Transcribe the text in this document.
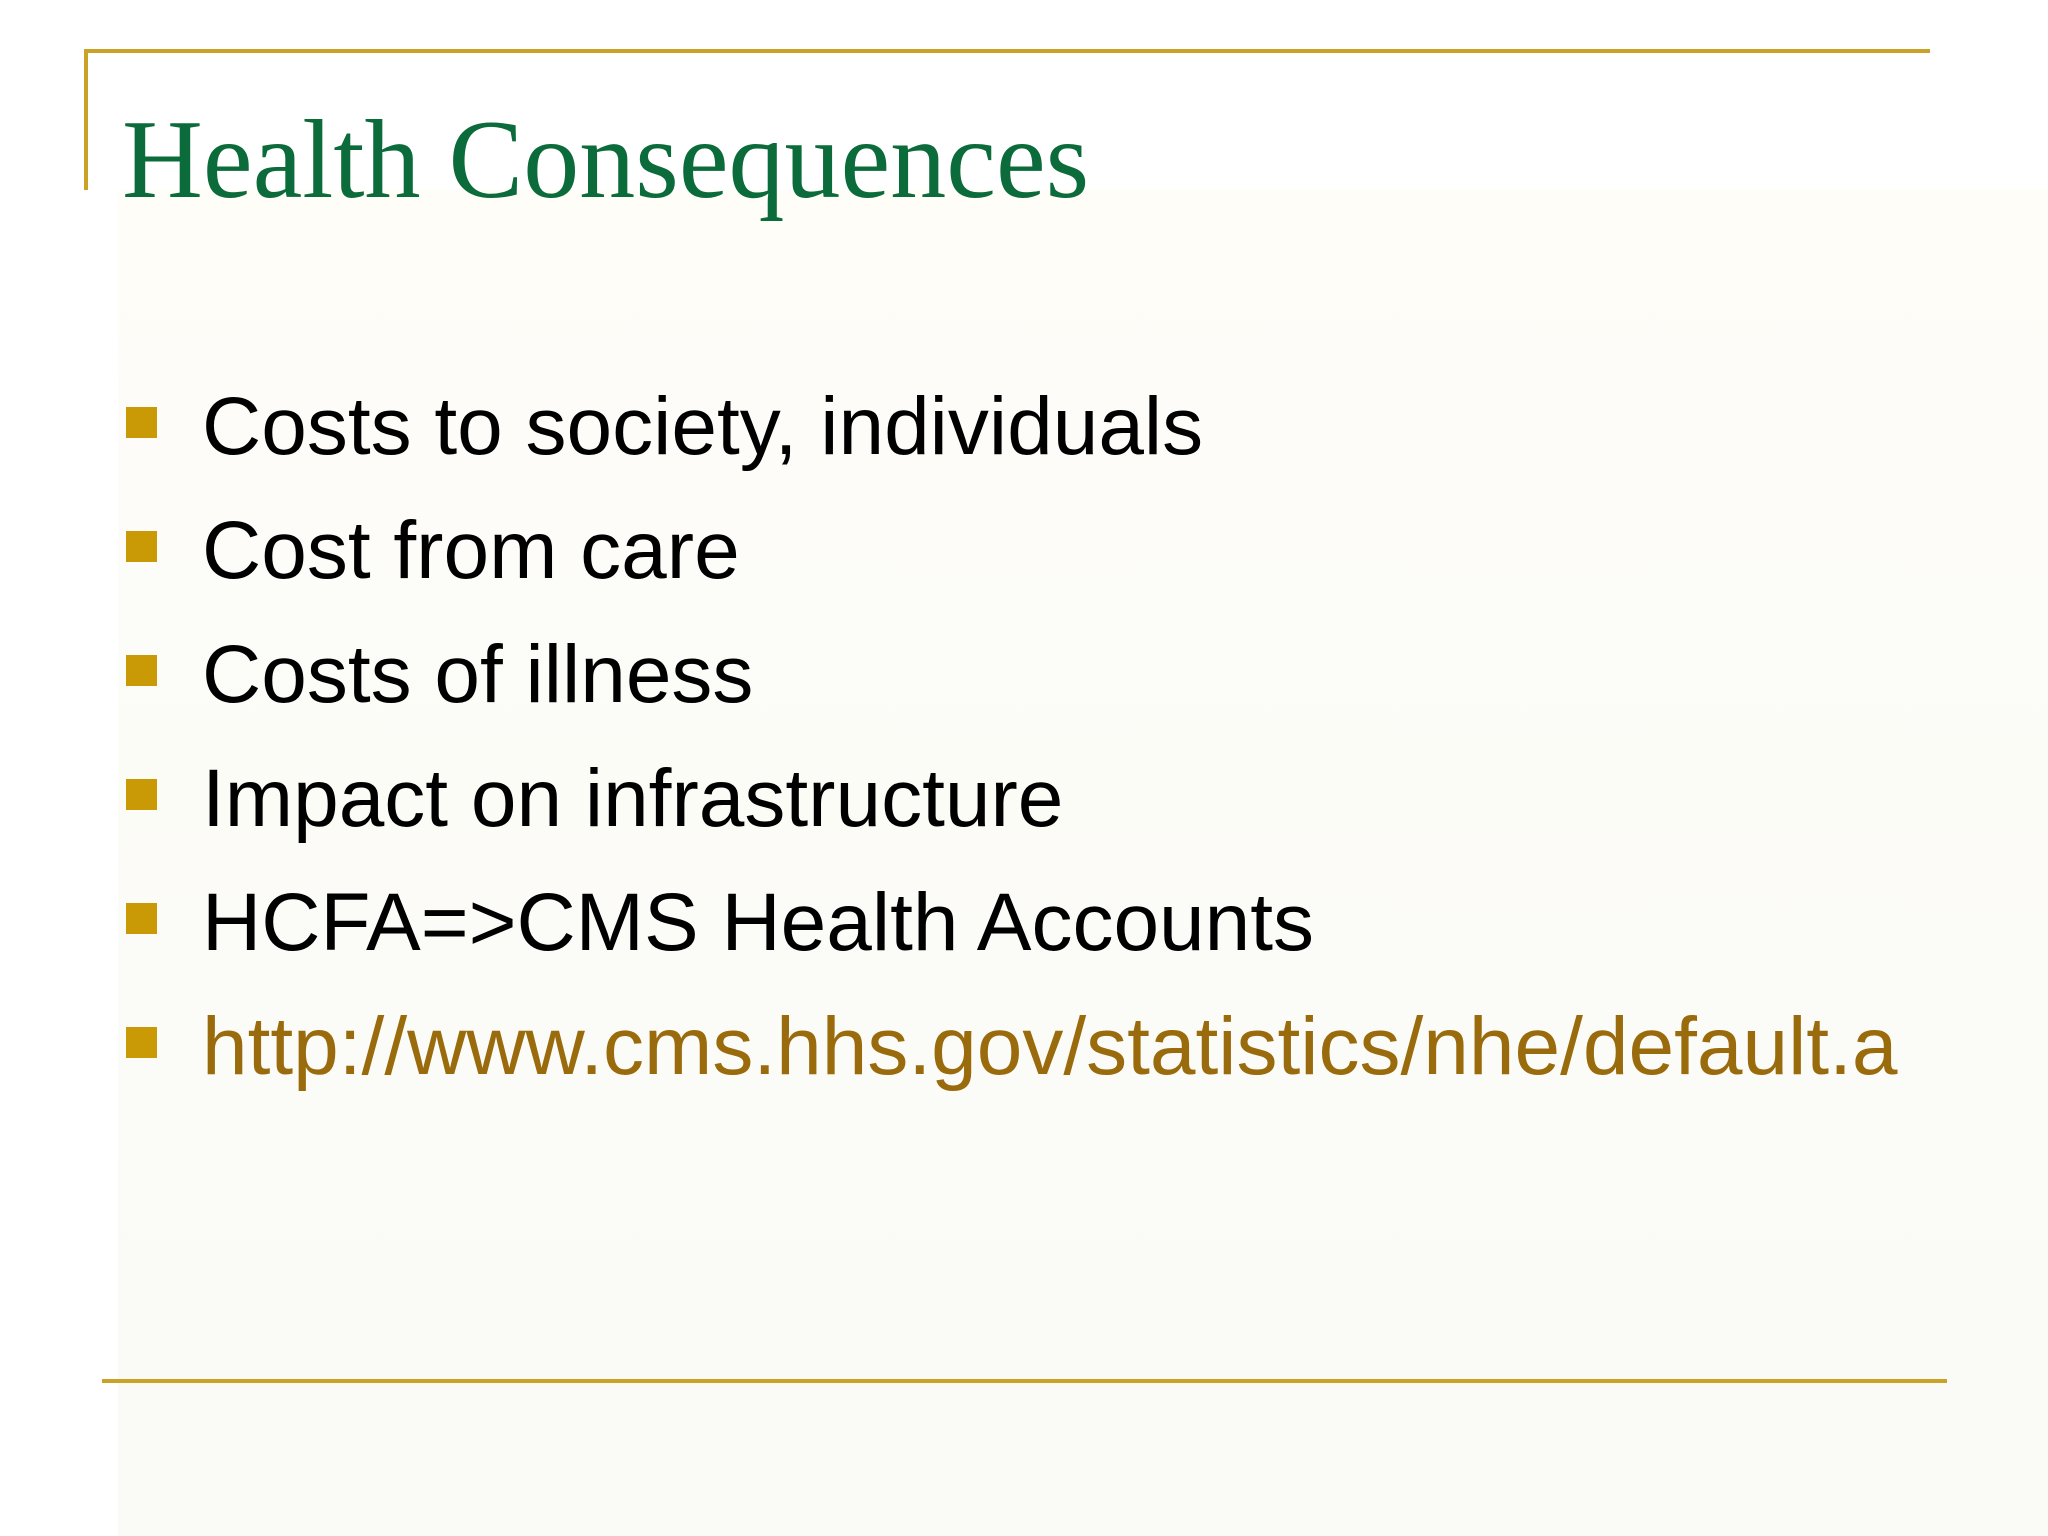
Health Consequences
Costs to society, individuals
Cost from care
Costs of illness
Impact on infrastructure
HCFA=>CMS Health Accounts
http://www.cms.hhs.gov/statistics/nhe/default.a
